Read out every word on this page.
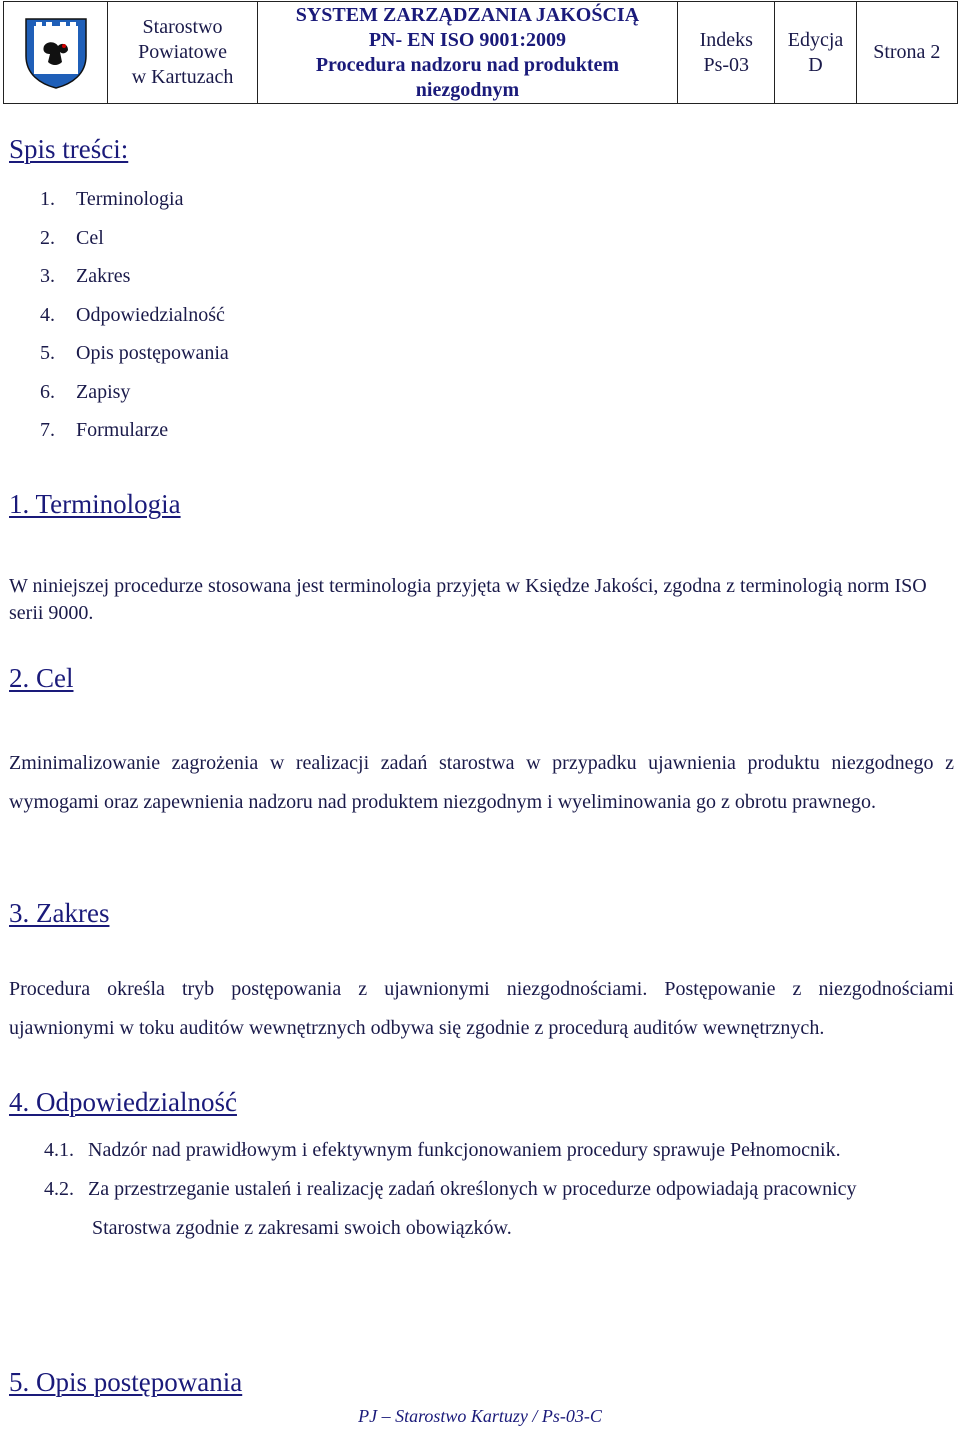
Starostwo
Powiatowe
w Kartuzach

SYSTEM ZARZĄDZANIA JAKOŚCIĄ
PN- EN ISO 9001:2009
Procedura nadzoru nad produktem
niezgodnym

Indeks
Ps-03

Edycja
D

Strona 2
Spis treści:
1. Terminologia
2. Cel
3. Zakres
4. Odpowiedzialność
5. Opis postępowania
6. Zapisy
7. Formularze
1. Terminologia

W niniejszej procedurze stosowana jest terminologia przyjęta w Księdze Jakości, zgodna z terminologią norm ISO serii 9000.

2. Cel

Zminimalizowanie zagrożenia w realizacji zadań starostwa w przypadku ujawnienia produktu niezgodnego z wymogami oraz zapewnienia nadzoru nad produktem niezgodnym i wyeliminowania go z obrotu prawnego.

3. Zakres

Procedura określa tryb postępowania z ujawnionymi niezgodnościami. Postępowanie z niezgodnościami ujawnionymi w toku auditów wewnętrznych odbywa się zgodnie z procedurą auditów wewnętrznych.

4. Odpowiedzialność
4.1. Nadzór nad prawidłowym i efektywnym funkcjonowaniem procedury sprawuje Pełnomocnik.
4.2. Za przestrzeganie ustaleń i realizację zadań określonych w procedurze odpowiadają pracownicy
Starostwa zgodnie z zakresami swoich obowiązków.
5. Opis postępowania

PJ – Starostwo Kartuzy / Ps-03-C
